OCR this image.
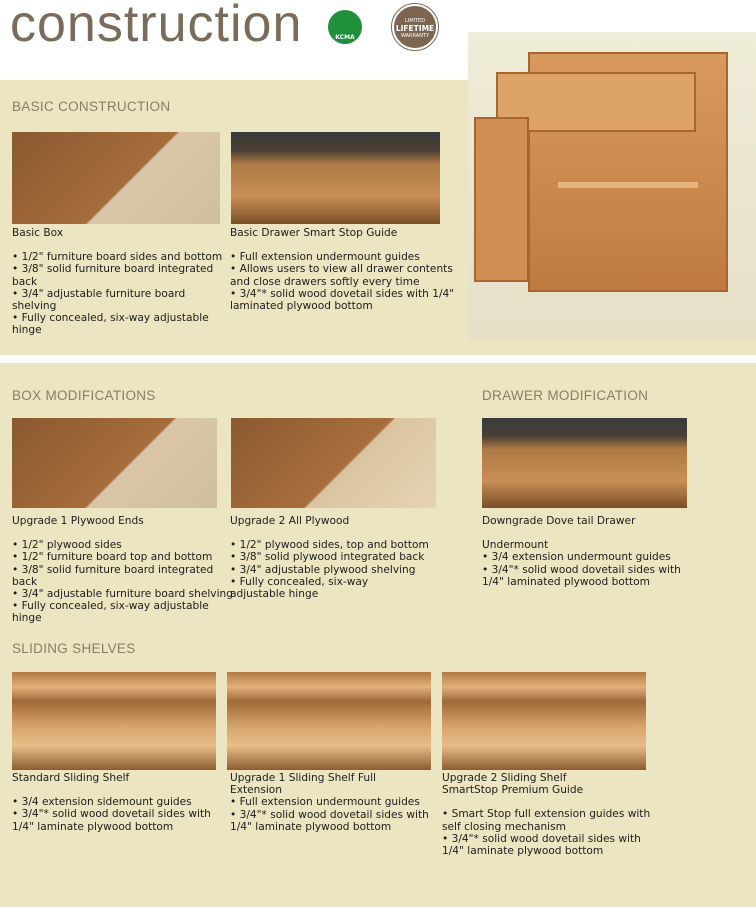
construction	KCMA
LIMITED
LIFETIME
WARRANTY
BASIC CONSTRUCTION

Basic Box

• 1/2" furniture board sides and bottom

• 3/8" solid furniture board integrated back

• 3/4" adjustable furniture board shelving

• Fully concealed, six-way adjustable hinge

Basic Drawer Smart Stop Guide

• Full extension undermount guides

• Allows users to view all drawer contents and close drawers softly every time

• 3/4"* solid wood dovetail sides with 1/4" laminated plywood bottom

BOX MODIFICATIONS	DRAWER MODIFICATION

Upgrade 1 Plywood Ends

• 1/2" plywood sides

• 1/2" furniture board top and bottom

• 3/8" solid furniture board integrated back

• 3/4" adjustable furniture board shelving

• Fully concealed, six-way adjustable hinge

Upgrade 2 All Plywood

• 1/2" plywood sides, top and bottom

• 3/8" solid plywood integrated back

• 3/4" adjustable plywood shelving

• Fully concealed, six-way adjustable hinge

Downgrade Dove tail Drawer

Undermount

• 3/4 extension undermount guides

• 3/4"* solid wood dovetail sides with 1/4" laminated plywood bottom

SLIDING SHELVES

Standard Sliding Shelf

• 3/4 extension sidemount guides

• 3/4"* solid wood dovetail sides with 1/4" laminate plywood bottom

Upgrade 1 Sliding Shelf Full Extension

• Full extension undermount guides

• 3/4"* solid wood dovetail sides with 1/4" laminate plywood bottom

Upgrade 2 Sliding Shelf SmartStop Premium Guide

• Smart Stop full extension guides with self closing mechanism

• 3/4"* solid wood dovetail sides with 1/4" laminate plywood bottom
